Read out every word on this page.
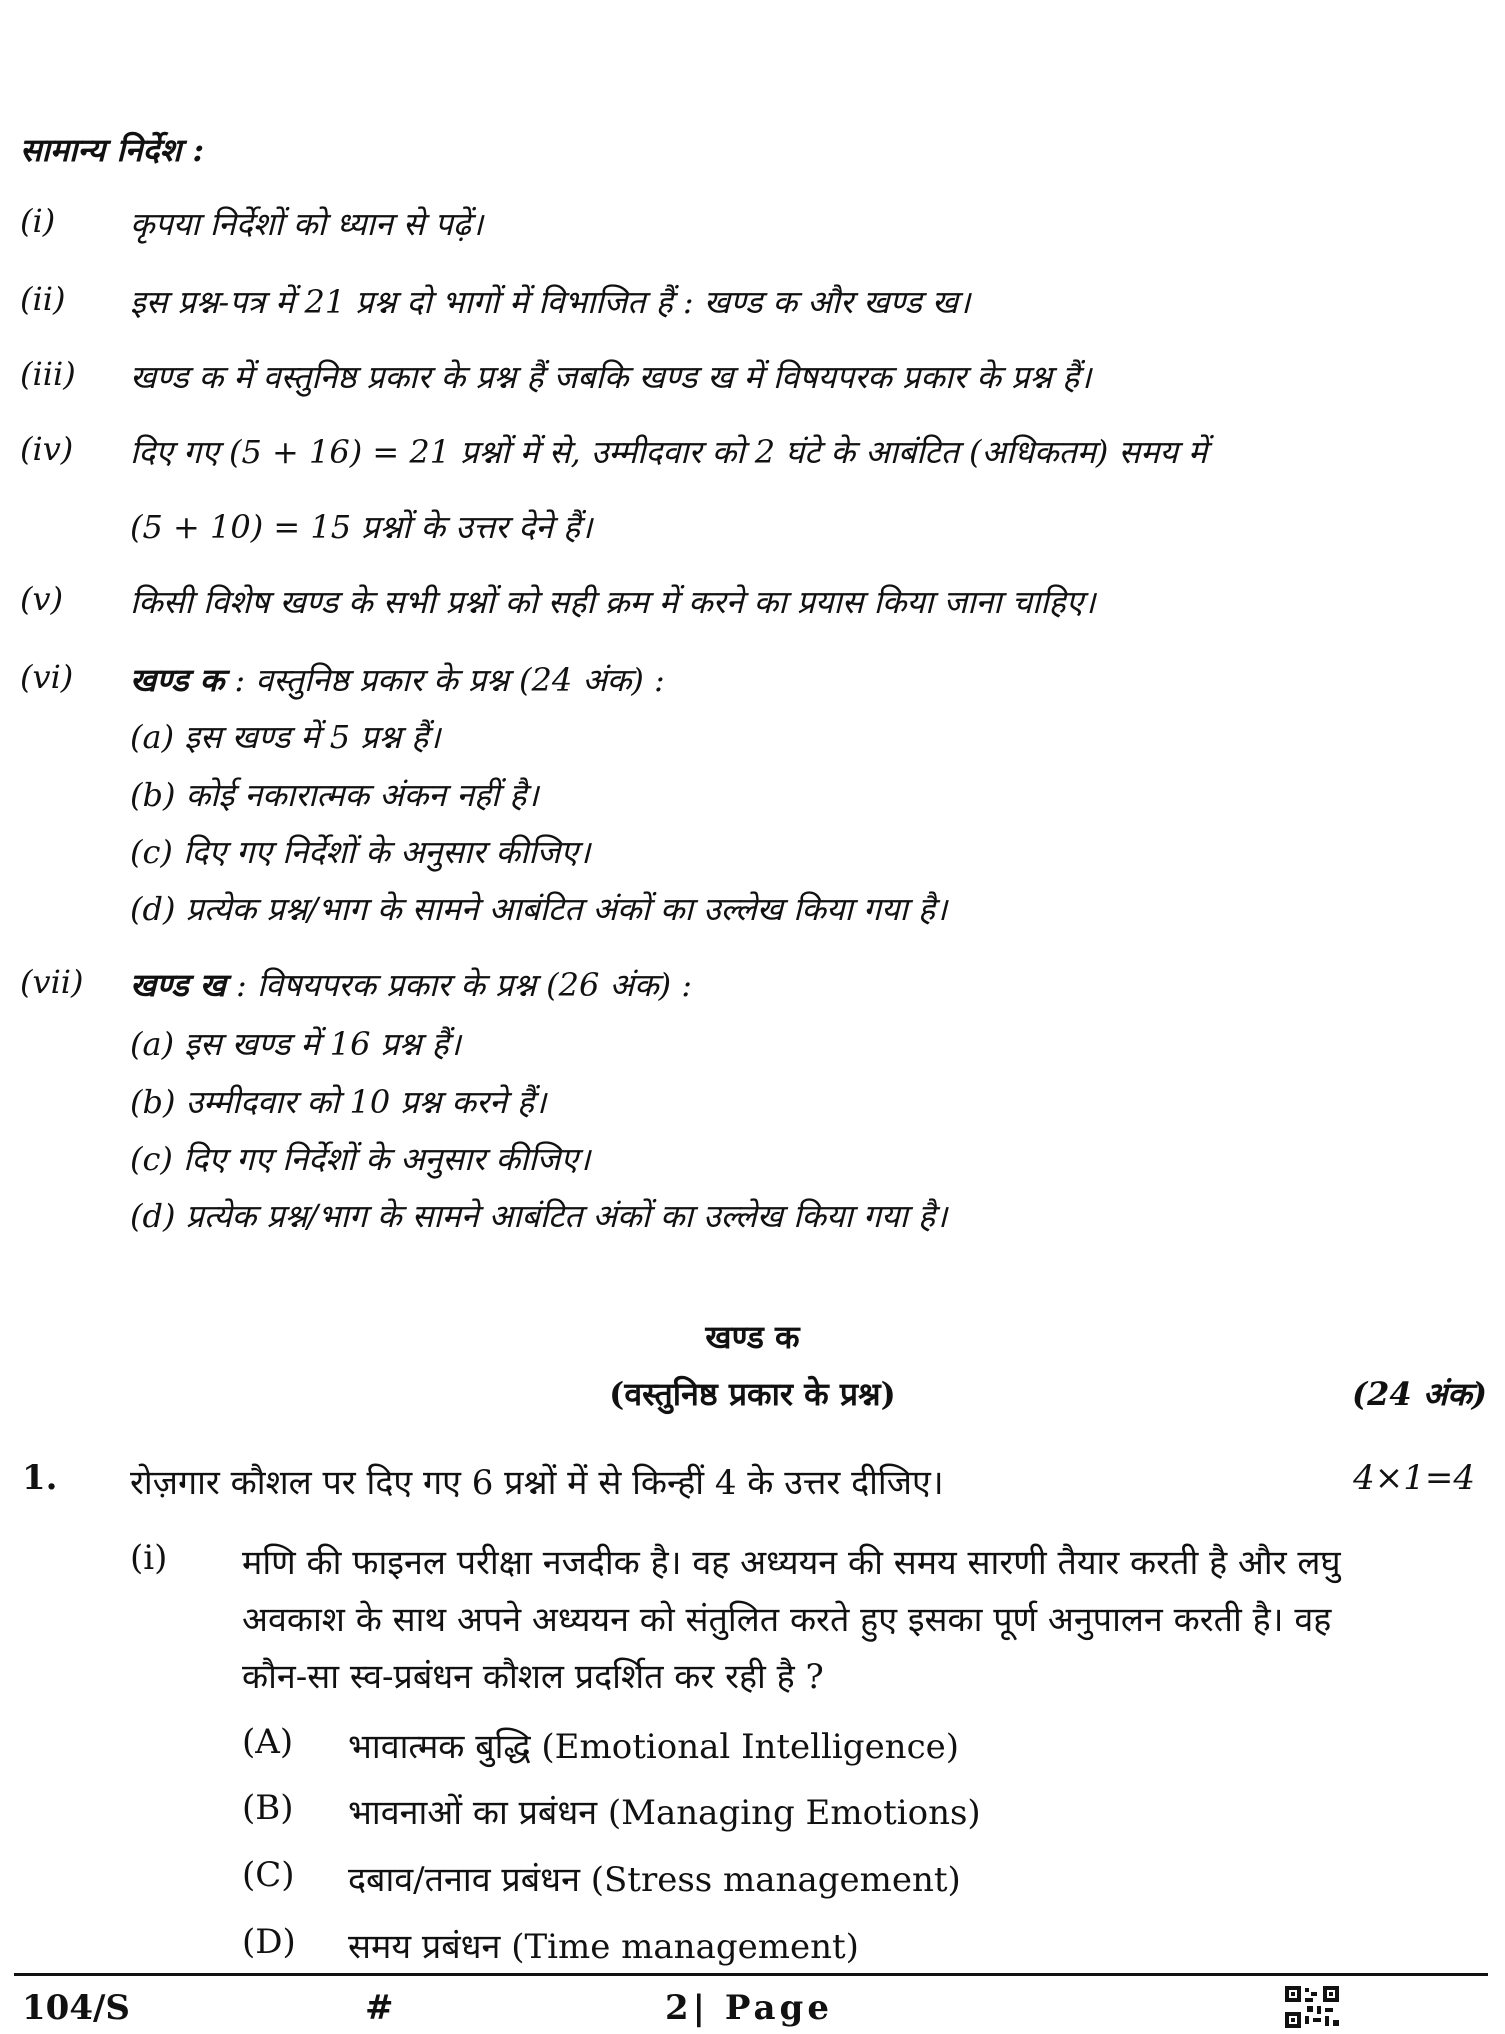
सामान्य निर्देश :
(i) कृपया निर्देशों को ध्यान से पढ़ें।
(ii) इस प्रश्न-पत्र में 21 प्रश्न दो भागों में विभाजित हैं : खण्ड क और खण्ड ख।
(iii) खण्ड क में वस्तुनिष्ठ प्रकार के प्रश्न हैं जबकि खण्ड ख में विषयपरक प्रकार के प्रश्न हैं।
(iv) दिए गए (5 + 16) = 21 प्रश्नों में से, उम्मीदवार को 2 घंटे के आबंटित (अधिकतम) समय में
(5 + 10) = 15 प्रश्नों के उत्तर देने हैं।
(v) किसी विशेष खण्ड के सभी प्रश्नों को सही क्रम में करने का प्रयास किया जाना चाहिए।
(vi) खण्ड क : वस्तुनिष्ठ प्रकार के प्रश्न (24 अंक) :
(a) इस खण्ड में 5 प्रश्न हैं।
(b) कोई नकारात्मक अंकन नहीं है।
(c) दिए गए निर्देशों के अनुसार कीजिए।
(d) प्रत्येक प्रश्न/भाग के सामने आबंटित अंकों का उल्लेख किया गया है।
(vii) खण्ड ख : विषयपरक प्रकार के प्रश्न (26 अंक) :
(a) इस खण्ड में 16 प्रश्न हैं।
(b) उम्मीदवार को 10 प्रश्न करने हैं।
(c) दिए गए निर्देशों के अनुसार कीजिए।
(d) प्रत्येक प्रश्न/भाग के सामने आबंटित अंकों का उल्लेख किया गया है।
खण्ड क
(वस्तुनिष्ठ प्रकार के प्रश्न)	(24 अंक)
1. रोज़गार कौशल पर दिए गए 6 प्रश्नों में से किन्हीं 4 के उत्तर दीजिए।	4×1=4
(i) मणि की फाइनल परीक्षा नजदीक है। वह अध्ययन की समय सारणी तैयार करती है और लघु
अवकाश के साथ अपने अध्ययन को संतुलित करते हुए इसका पूर्ण अनुपालन करती है। वह
कौन-सा स्व-प्रबंधन कौशल प्रदर्शित कर रही है ?
(A) भावात्मक बुद्धि (Emotional Intelligence)
(B) भावनाओं का प्रबंधन (Managing Emotions)
(C) दबाव/तनाव प्रबंधन (Stress management)
(D) समय प्रबंधन (Time management)
104/S	#	2| Page
